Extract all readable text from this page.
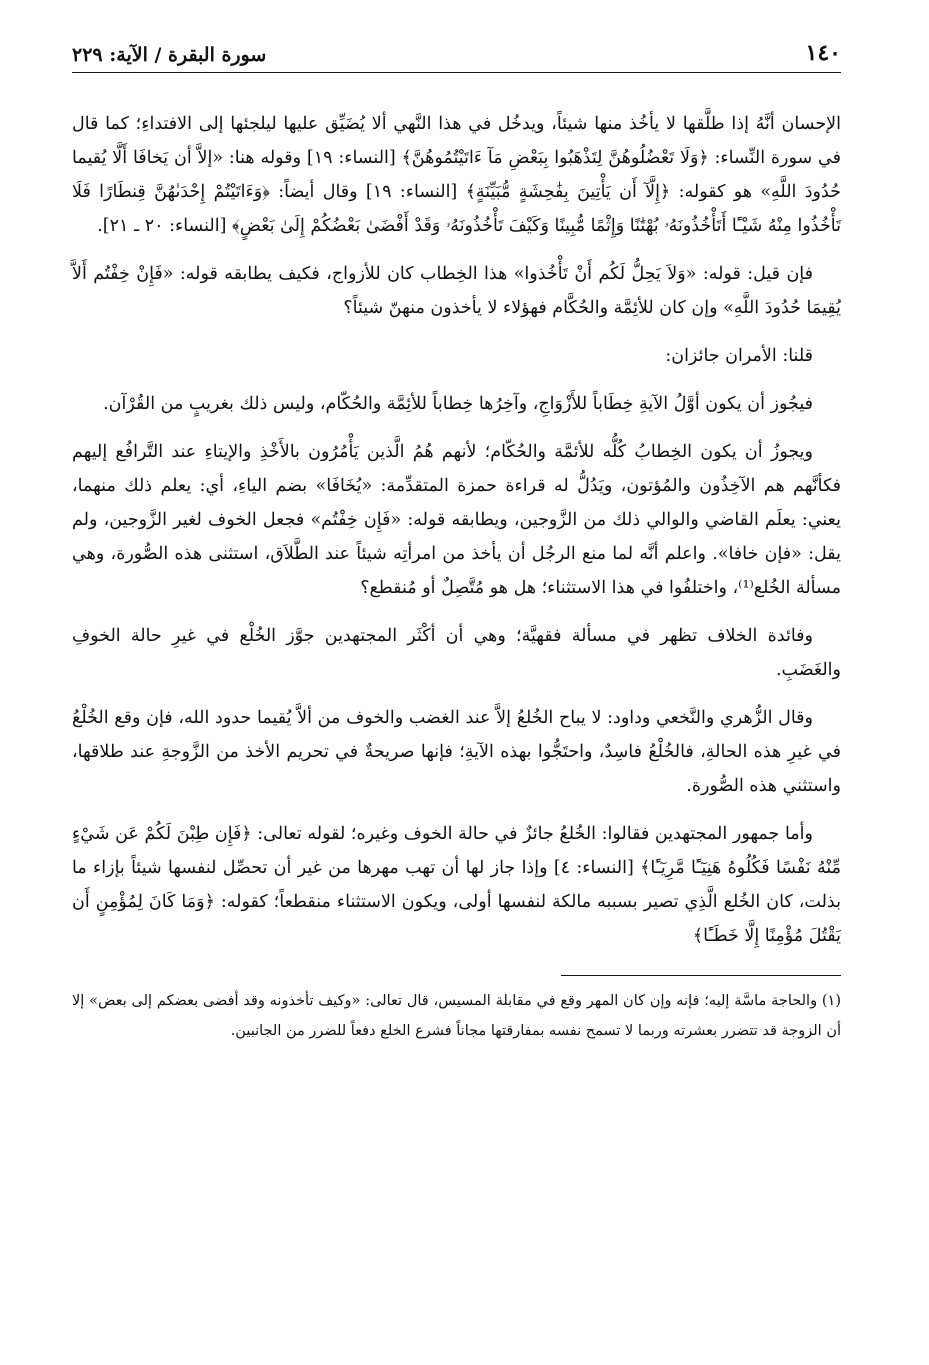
١٤٠
سورة البقرة / الآية: ٢٢٩

الإحسان أنَّهُ إذا طلَّقها لا يأخُذ منها شيئاً، ويدخُل في هذا النَّهي ألا يُضَيِّق عليها ليلجئها إلى الافتداءِ؛ كما قال في سورة النِّساء: ﴿وَلَا تَعْضُلُوهُنَّ لِتَذْهَبُوا بِبَعْضِ مَآ ءَاتَيْتُمُوهُنَّ﴾ [النساء: ١٩] وقوله هنا: «إلاَّ أن يَخافَا أَلَّا يُقيما حُدُودَ اللَّهِ» هو كقوله: ﴿إِلَّآ أَن يَأْتِينَ بِفَٰحِشَةٍ مُّبَيِّنَةٍ﴾ [النساء: ١٩] وقال أيضاً: ﴿وَءَاتَيْتُمْ إِحْدَىٰهُنَّ قِنطَارًا فَلَا تَأْخُذُوا مِنْهُ شَيْـًٔا أَتَأْخُذُونَهُۥ بُهْتَٰنًا وَإِثْمًا مُّبِينًا وَكَيْفَ تَأْخُذُونَهُۥ وَقَدْ أَفْضَىٰ بَعْضُكُمْ إِلَىٰ بَعْضٍ﴾ [النساء: ٢٠ ـ ٢١].

فإن قيل: قوله: «وَلاَ يَحِلُّ لَكُم أَنْ تَأْخُذوا» هذا الخِطاب كان للأزواج، فكيف يطابقه قوله: «فَإِنْ خِفْتُم أَلاَّ يُقِيمَا حُدُودَ اللَّهِ» وإن كان للأئِمَّة والحُكَّام فهؤلاء لا يأخذون منهنّ شيئاً؟

قلنا: الأمران جائزان:

فيجُوز أن يكون أوَّلُ الآيةِ خِطَاباً للأَزْوَاجِ، وآخِرُها خِطاباً للأئِمَّة والحُكّام، وليس ذلك بغريبٍ من القُرْآن.

ويجوزُ أن يكون الخِطابُ كُلُّه للأئمَّة والحُكّام؛ لأنهم هُمُ الَّذين يَأْمُرُون بالأَخْذِ والإيتاءِ عند التَّرافُع إليهم فكأنَّهم هم الآخِذُون والمُؤتون، ويَدُلُّ له قراءة حمزة المتقدِّمة: «يُخَافَا» بضم الياءِ، أي: يعلم ذلك منهما، يعني: يعلَم القاضي والوالي ذلك من الزَّوجين، ويطابقه قوله: «فَإِن خِفْتُم» فجعل الخوف لغير الزَّوجين، ولم يقل: «فإن خافا». واعلم أنَّه لما منع الرجُل أن يأخذ من امرأتِه شيئاً عند الطَّلاَق، استثنى هذه الصُّورة، وهي مسألة الخُلع⁽¹⁾، واختلفُوا في هذا الاستثناء؛ هل هو مُتَّصِلٌ أو مُنقطع؟

وفائدة الخلاف تظهر في مسألة فقهيَّة؛ وهي أن أكْثَر المجتهدين جوَّز الخُلْع في غيرِ حالة الخوفِ والغَضَبِ.

وقال الزُّهري والنَّخعي وداود: لا يباح الخُلعُ إلاَّ عند الغضب والخوف من ألاَّ يُقيما حدود الله، فإن وقع الخُلْعُ في غيرِ هذه الحالةِ، فالخُلْعُ فاسِدٌ، واحتَجُّوا بهذه الآيةِ؛ فإنها صريحةٌ في تحريم الأخذ من الزَّوجةِ عند طلاقها، واستثني هذه الصُّورة.

وأما جمهور المجتهدين فقالوا: الخُلعُ جائزٌ في حالة الخوف وغيره؛ لقوله تعالى: ﴿فَإِن طِبْنَ لَكُمْ عَن شَيْءٍ مِّنْهُ نَفْسًا فَكُلُوهُ هَنِيٓـًٔا مَّرِيٓـًٔا﴾ [النساء: ٤] وإذا جاز لها أن تهب مهرها من غير أن تحصِّل لنفسها شيئاً بإزاء ما بذلت، كان الخُلع الَّذِي تصير بسببه مالكة لنفسها أولى، ويكون الاستثناء منقطعاً؛ كقوله: ﴿وَمَا كَانَ لِمُؤْمِنٍ أَن يَقْتُلَ مُؤْمِنًا إِلَّا خَطَـًٔا﴾

(١) والحاجة ماسَّة إليه؛ فإنه وإن كان المهر وقع في مقابلة المسيس، قال تعالى: «وكيف تأخذونه وقد أفضى بعضكم إلى بعض» إلا أن الزوجة قد تتضرر بعشرته وربما لا تسمح نفسه بمفارقتها مجاناً فشرع الخلع دفعاً للضرر من الجانبين.
